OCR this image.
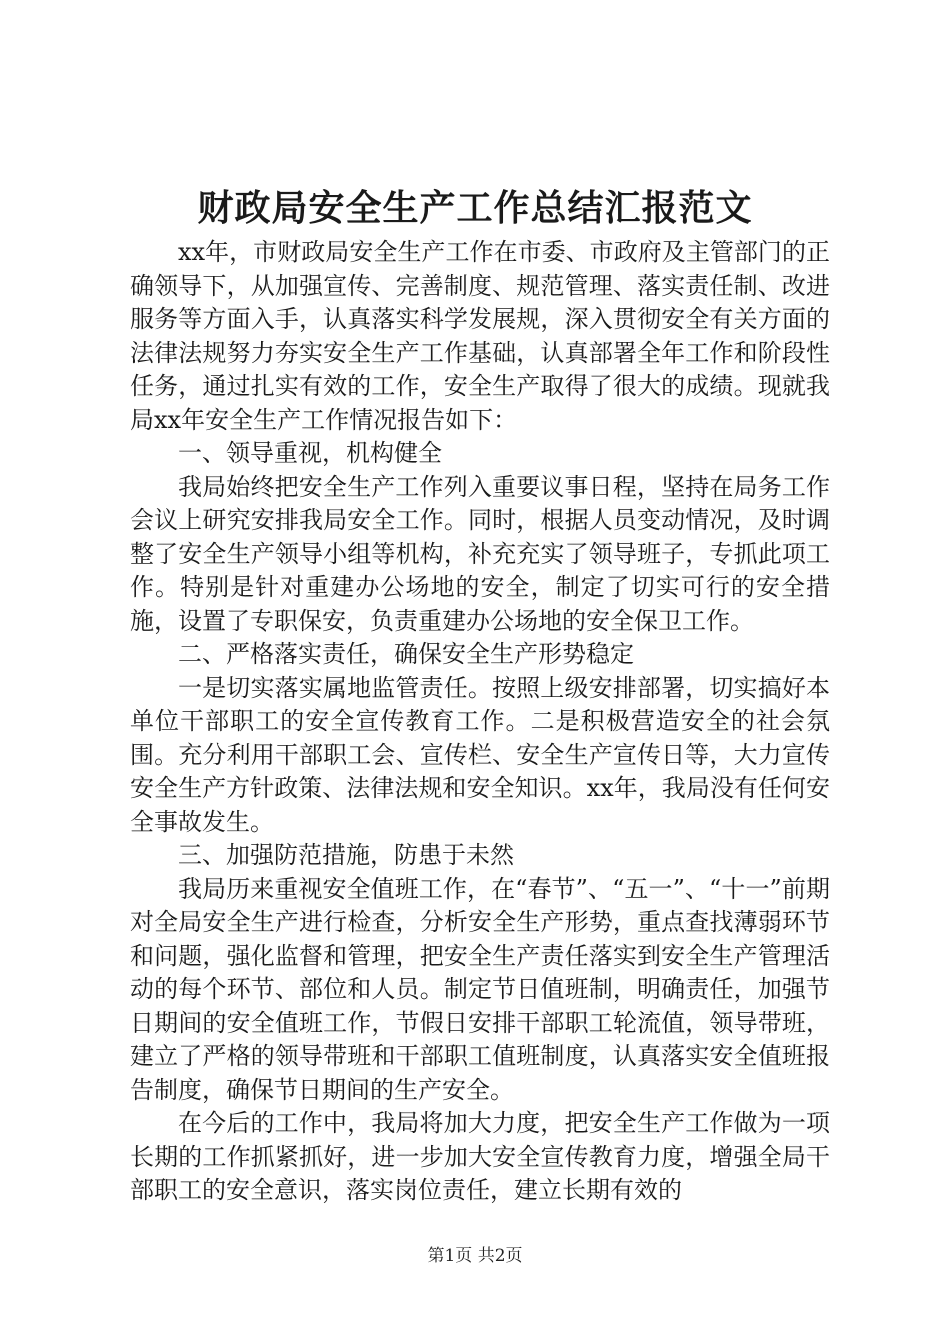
财政局安全生产工作总结汇报范文

xx年，市财政局安全生产工作在市委、市政府及主管部门的正确领导下，从加强宣传、完善制度、规范管理、落实责任制、改进服务等方面入手，认真落实科学发展规，深入贯彻安全有关方面的法律法规努力夯实安全生产工作基础，认真部署全年工作和阶段性任务，通过扎实有效的工作，安全生产取得了很大的成绩。现就我局xx年安全生产工作情况报告如下：

一、领导重视，机构健全

我局始终把安全生产工作列入重要议事日程，坚持在局务工作会议上研究安排我局安全工作。同时，根据人员变动情况，及时调整了安全生产领导小组等机构，补充充实了领导班子，专抓此项工作。特别是针对重建办公场地的安全，制定了切实可行的安全措施，设置了专职保安，负责重建办公场地的安全保卫工作。

二、严格落实责任，确保安全生产形势稳定

一是切实落实属地监管责任。按照上级安排部署，切实搞好本单位干部职工的安全宣传教育工作。二是积极营造安全的社会氛围。充分利用干部职工会、宣传栏、安全生产宣传日等，大力宣传安全生产方针政策、法律法规和安全知识。xx年，我局没有任何安全事故发生。

三、加强防范措施，防患于未然

我局历来重视安全值班工作，在“春节”、“五一”、“十一”前期对全局安全生产进行检查，分析安全生产形势，重点查找薄弱环节和问题，强化监督和管理，把安全生产责任落实到安全生产管理活动的每个环节、部位和人员。制定节日值班制，明确责任，加强节日期间的安全值班工作，节假日安排干部职工轮流值，领导带班，建立了严格的领导带班和干部职工值班制度，认真落实安全值班报告制度，确保节日期间的生产安全。

在今后的工作中，我局将加大力度，把安全生产工作做为一项长期的工作抓紧抓好，进一步加大安全宣传教育力度，增强全局干部职工的安全意识，落实岗位责任，建立长期有效的

第1页 共2页
